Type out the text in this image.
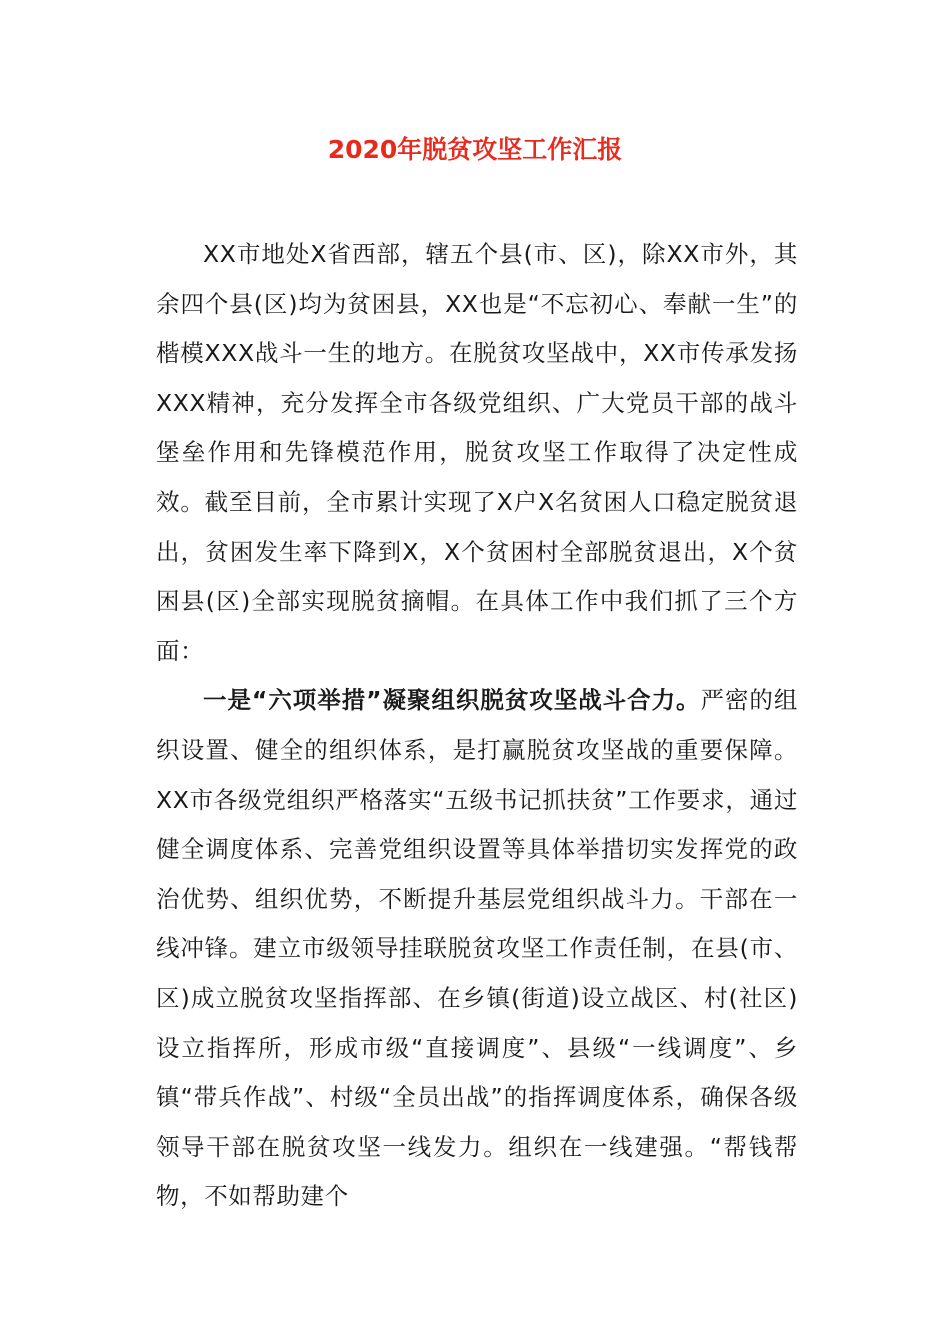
2020年脱贫攻坚工作汇报

XX市地处X省西部，辖五个县(市、区)，除XX市外，其余四个县(区)均为贫困县，XX也是“不忘初心、奉献一生”的楷模XXX战斗一生的地方。在脱贫攻坚战中，XX市传承发扬XXX精神，充分发挥全市各级党组织、广大党员干部的战斗堡垒作用和先锋模范作用，脱贫攻坚工作取得了决定性成效。截至目前，全市累计实现了X户X名贫困人口稳定脱贫退出，贫困发生率下降到X，X个贫困村全部脱贫退出，X个贫困县(区)全部实现脱贫摘帽。在具体工作中我们抓了三个方面：

一是“六项举措”凝聚组织脱贫攻坚战斗合力。严密的组织设置、健全的组织体系，是打赢脱贫攻坚战的重要保障。XX市各级党组织严格落实“五级书记抓扶贫”工作要求，通过健全调度体系、完善党组织设置等具体举措切实发挥党的政治优势、组织优势，不断提升基层党组织战斗力。干部在一线冲锋。建立市级领导挂联脱贫攻坚工作责任制，在县(市、区)成立脱贫攻坚指挥部、在乡镇(街道)设立战区、村(社区)设立指挥所，形成市级“直接调度”、县级“一线调度”、乡镇“带兵作战”、村级“全员出战”的指挥调度体系，确保各级领导干部在脱贫攻坚一线发力。组织在一线建强。“帮钱帮物，不如帮助建个
